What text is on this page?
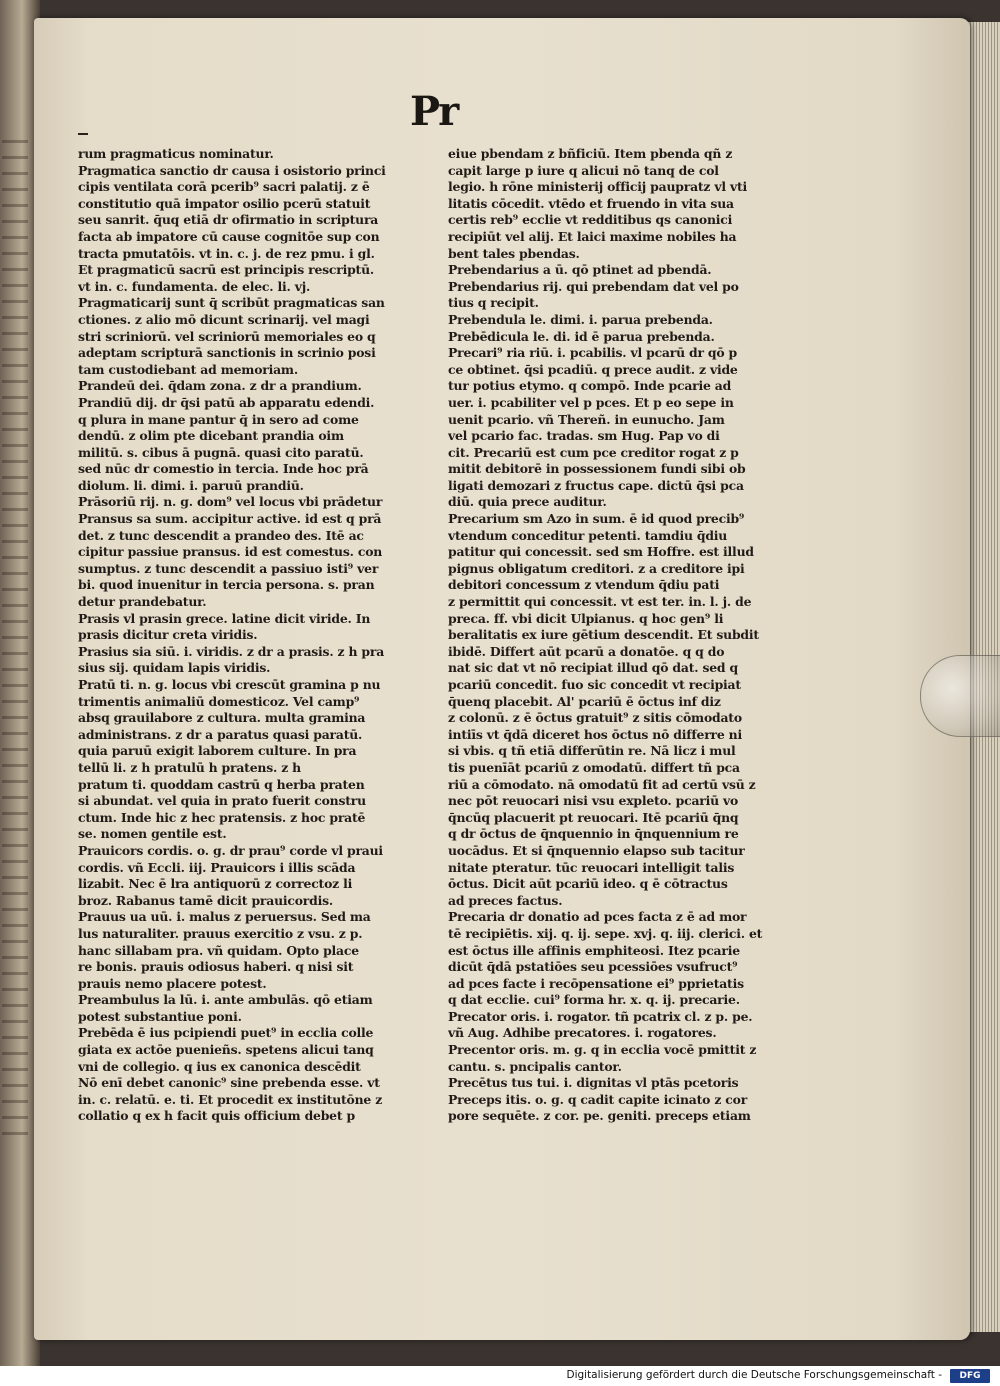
Pr
rum pragmaticus nominatur.
Pragmatica sanctio dr causa i osistorio princi
cipis ventilata corā pcerib⁹ sacri palatij. z ē
constitutio quā impator osilio pcerū statuit
seu sanrit. q̄uq etiā dr ofirmatio in scriptura
facta ab impatore cū cause cognitōe sup con
tracta pmutatōis. vt in. c. j. de rez pmu. i gl.
Et pragmaticū sacrū est principis rescriptū.
vt in. c. fundamenta. de elec. li. vj.
Pragmaticarij sunt q̄ scribūt pragmaticas san
ctiones. z alio mō dicunt scrinarij. vel magi
stri scriniorū. vel scriniorū memoriales eo q
adeptam scripturā sanctionis in scrinio posi
tam custodiebant ad memoriam.
Prandeū dei. q̄dam zona. z dr a prandium.
Prandiū dij. dr q̄si patū ab apparatu edendi.
q plura in mane pantur q̄ in sero ad come
dendū. z olim pte dicebant prandia oim
militū. s. cibus ā pugnā. quasi cito paratū.
sed nūc dr comestio in tercia. Inde hoc prā
diolum. li. dimi. i. paruū prandiū.
Prāsoriū rij. n. g. dom⁹ vel locus vbi prādetur
Pransus sa sum. accipitur active. id est q prā
det. z tunc descendit a prandeo des. Itē ac
cipitur passiue pransus. id est comestus. con
sumptus. z tunc descendit a passiuo isti⁹ ver
bi. quod inuenitur in tercia persona. s. pran
detur prandebatur.
Prasis vl prasin grece. latine dicit viride. In
prasis dicitur creta viridis.
Prasius sia siū. i. viridis. z dr a prasis. z h pra
sius sij. quidam lapis viridis.
Pratū ti. n. g. locus vbi crescūt gramina p nu
trimentis animaliū domesticoz. Vel camp⁹
absq grauilabore z cultura. multa gramina
administrans. z dr a paratus quasi paratū.
quia paruū exigit laborem culture. In pra
tellū li. z h pratulū h pratens. z h
pratum ti. quoddam castrū q herba praten
si abundat. vel quia in prato fuerit constru
ctum. Inde hic z hec pratensis. z hoc pratē
se. nomen gentile est.
Prauicors cordis. o. g. dr prau⁹ corde vl praui
cordis. vñ Eccli. iij. Prauicors i illis scāda
lizabit. Nec ē lra antiquorū z correctoz li
broz. Rabanus tamē dicit prauicordis.
Prauus ua uū. i. malus z peruersus. Sed ma
lus naturaliter. prauus exercitio z vsu. z p.
hanc sillabam pra. vñ quidam. Opto place
re bonis. prauis odiosus haberi. q nisi sit
prauis nemo placere potest.
Preambulus la lū. i. ante ambulās. qō etiam
potest substantiue poni.
Prebēda ē ius pcipiendi puet⁹ in ecclia colle
giata ex actōe puenieñs. spetens alicui tanq
vni de collegio. q ius ex canonica descēdit
Nō enī debet canonic⁹ sine prebenda esse. vt
in. c. relatū. e. ti. Et procedit ex institutōne z
collatio q ex h facit quis officium debet p
eiue pbendam z bñficiū. Item pbenda qñ z
capit large p iure q alicui nō tanq de col
legio. h rōne ministerij officij paupratz vl vti
litatis cōcedit. vtēdo et fruendo in vita sua
certis reb⁹ ecclie vt redditibus qs canonici
recipiūt vel alij. Et laici maxime nobiles ha
bent tales pbendas.
Prebendarius a ū. qō ptinet ad pbendā.
Prebendarius rij. qui prebendam dat vel po
tius q recipit.
Prebendula le. dimi. i. parua prebenda.
Prebēdicula le. di. id ē parua prebenda.
Precari⁹ ria riū. i. pcabilis. vl pcarū dr qō p
ce obtinet. q̄si pcadiū. q prece audit. z vide
tur potius etymo. q compō. Inde pcarie ad
uer. i. pcabiliter vel p pces. Et p eo sepe in
uenit pcario. vñ Thereñ. in eunucho. Jam
vel pcario fac. tradas. sm Hug. Pap vo di
cit. Precariū est cum pce creditor rogat z p
mitit debitorē in possessionem fundi sibi ob
ligati demozari z fructus cape. dictū q̄si pca
diū. quia prece auditur.
Precarium sm Azo in sum. ē id quod precib⁹
vtendum conceditur petenti. tamdiu q̄diu
patitur qui concessit. sed sm Hoffre. est illud
pignus obligatum creditori. z a creditore ipi
debitori concessum z vtendum q̄diu pati
z permittit qui concessit. vt est ter. in. l. j. de
preca. ff. vbi dicit Ulpianus. q hoc gen⁹ li
beralitatis ex iure gētium descendit. Et subdit
ibidē. Differt aūt pcarū a donatōe. q q do
nat sic dat vt nō recipiat illud qō dat. sed q
pcariū concedit. fuo sic concedit vt recipiat
q̄uenq placebit. Al' pcariū ē ōctus inf diz
z colonū. z ē ōctus gratuit⁹ z sitis cōmodato
intiīs vt q̄dā diceret hos ōctus nō differre ni
si vbis. q tñ etiā differūtin re. Nā licz i mul
tis puenīāt pcariū z omodatū. differt tñ pca
riū a cōmodato. nā omodatū fit ad certū vsū z
nec pōt reuocari nisi vsu expleto. pcariū vo
q̄ncūq placuerit pt reuocari. Itē pcariū q̄nq
q dr ōctus de q̄nquennio in q̄nquennium re
uocādus. Et si q̄nquennio elapso sub tacitur
nitate pteratur. tūc reuocari intelligit talis
ōctus. Dicit aūt pcariū ideo. q ē cōtractus
ad preces factus.
Precaria dr donatio ad pces facta z ē ad mor
tē recipiētis. xij. q. ij. sepe. xvj. q. iij. clerici. et
est ōctus ille affinis emphiteosi. Itez pcarie
dicūt q̄dā pstatiōes seu pcessiōes vsufruct⁹
ad pces facte i recōpensatione ei⁹ pprietatis
q dat ecclie. cui⁹ forma hr. x. q. ij. precarie.
Precator oris. i. rogator. tñ pcatrix cl. z p. pe.
vñ Aug. Adhibe precatores. i. rogatores.
Precentor oris. m. g. q in ecclia vocē pmittit z
cantu. s. pncipalis cantor.
Precētus tus tui. i. dignitas vl ptās pcetoris
Preceps itis. o. g. q cadit capite icinato z cor
pore sequēte. z cor. pe. geniti. preceps etiam
Digitalisierung gefördert durch die Deutsche Forschungsgemeinschaft -	DFG
